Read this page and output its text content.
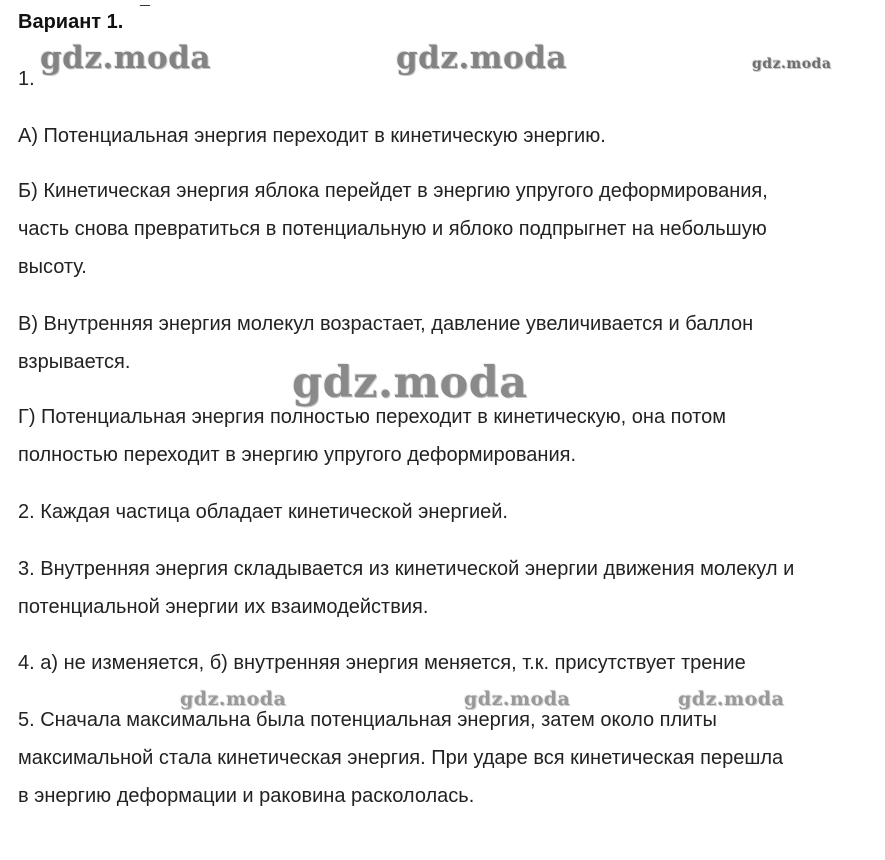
Вариант 1. ¯
1.
А) Потенциальная энергия переходит в кинетическую энергию.
Б) Кинетическая энергия яблока перейдет в энергию упругого деформирования,
часть снова превратиться в потенциальную и яблоко подпрыгнет на небольшую
высоту.
В) Внутренняя энергия молекул возрастает, давление увеличивается и баллон
взрывается.
Г) Потенциальная энергия полностью переходит в кинетическую, она потом
полностью переходит в энергию упругого деформирования.
2. Каждая частица обладает кинетической энергией.
3. Внутренняя энергия складывается из кинетической энергии движения молекул и
потенциальной энергии их взаимодействия.
4. а) не изменяется, б) внутренняя энергия меняется, т.к. присутствует трение
5. Сначала максимальна была потенциальная энергия, затем около плиты
максимальной стала кинетическая энергия. При ударе вся кинетическая перешла
в энергию деформации и раковина раскололась.
gdz.moda	gdz.moda	gdz.moda
gdz.moda
gdz.moda	gdz.moda	gdz.moda
